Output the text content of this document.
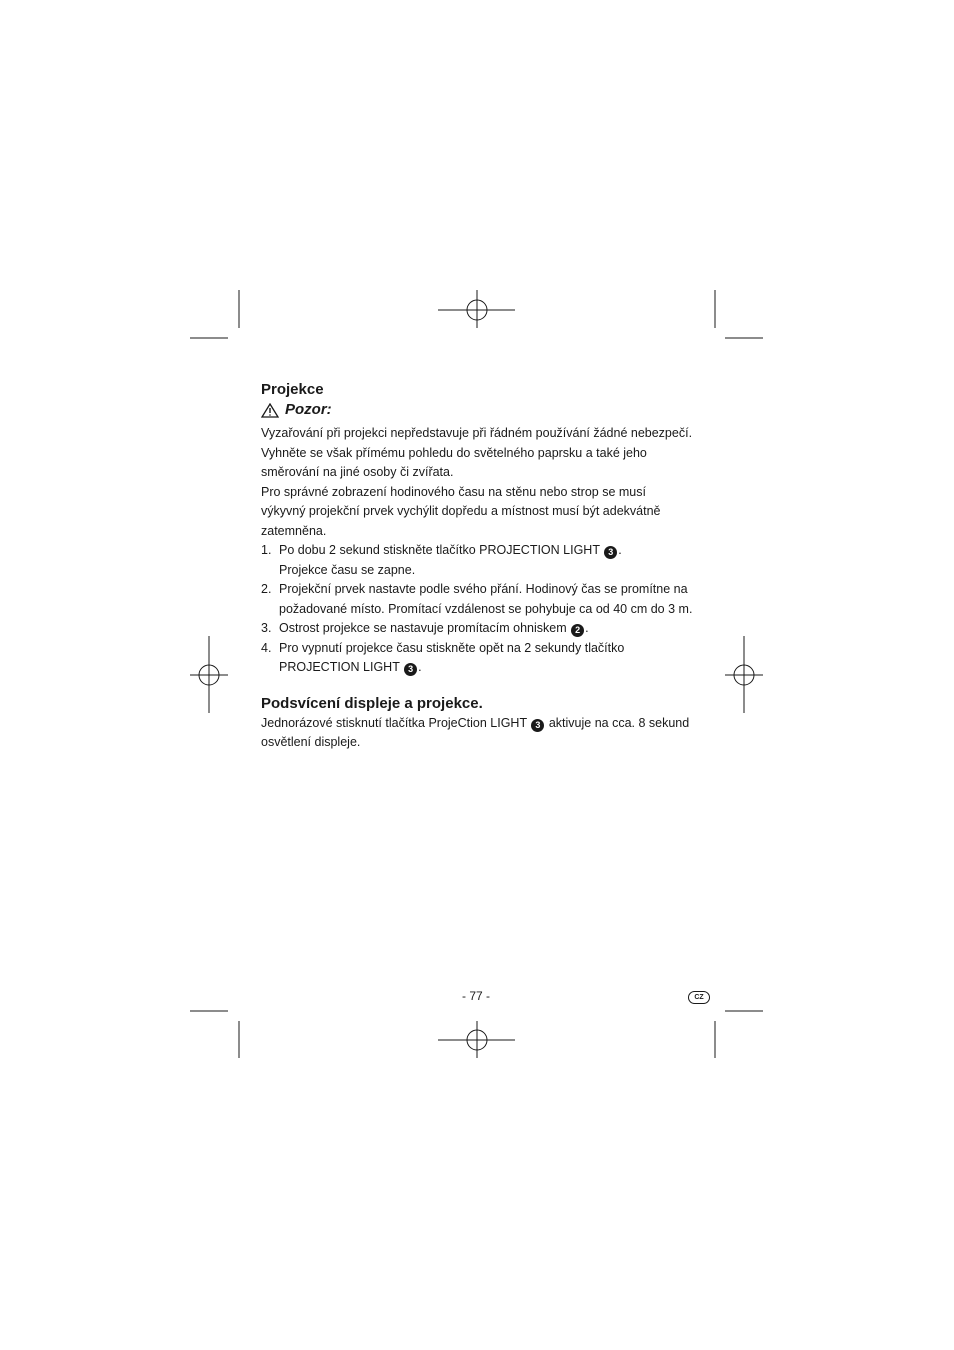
Projekce
Pozor:

Vyzařování při projekci nepředstavuje při řádném používání žádné nebezpečí. Vyhněte se však přímému pohledu do světelného paprsku a také jeho směrování na jiné osoby či zvířata.

Pro správné zobrazení hodinového času na stěnu nebo strop se musí výkyvný projekční prvek vychýlit dopředu a místnost musí být adekvátně zatemněna.

1. Po dobu 2 sekund stiskněte tlačítko PROJECTION LIGHT 3 .
Projekce času se zapne.
2. Projekční prvek nastavte podle svého přání. Hodinový čas se promítne na požadované místo. Promítací vzdálenost se pohybuje ca od 40 cm do 3 m.
3. Ostrost projekce se nastavuje promítacím ohniskem 2 .
4. Pro vypnutí projekce času stiskněte opět na 2 sekundy tlačítko PROJECTION LIGHT 3 .
Podsvícení displeje a projekce.

Jednorázové stisknutí tlačítka ProjeCtion LIGHT 3 aktivuje na cca. 8 sekund osvětlení displeje.

- 77 -	CZ
